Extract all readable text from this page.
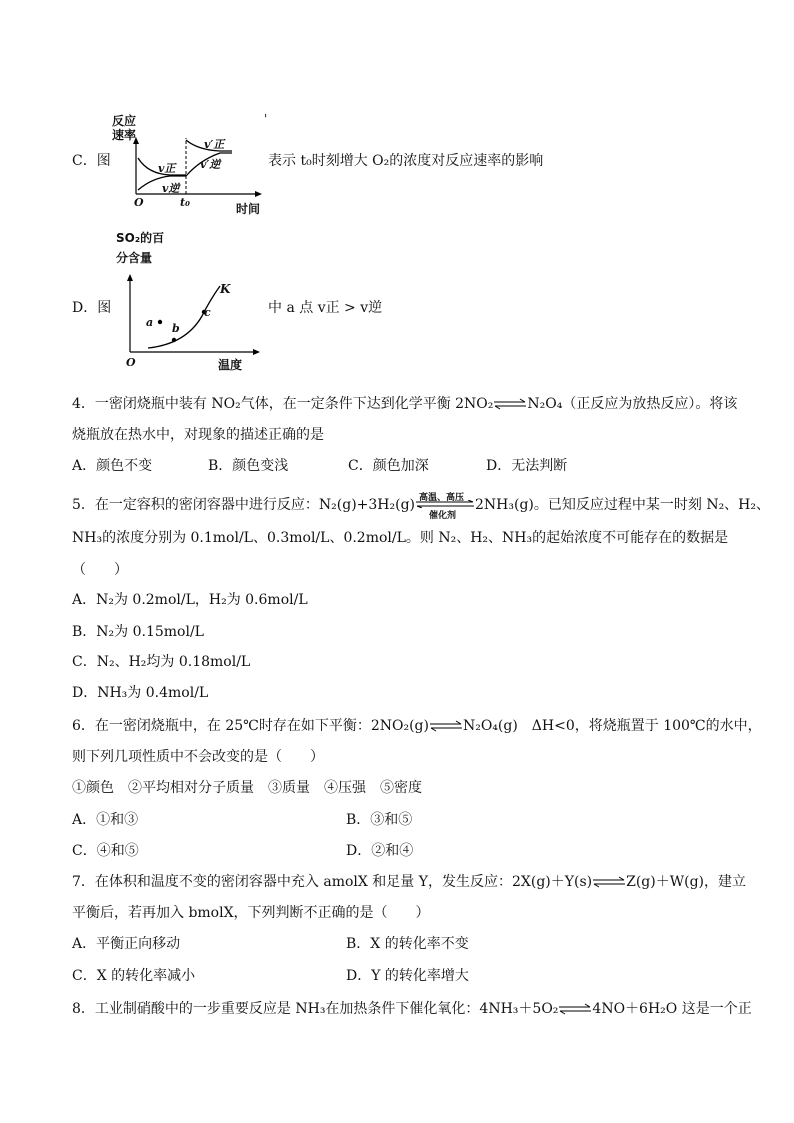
C．图
反应
速率
v正
v逆
v′正
v′逆
O	t₀	时间
'
表示 t₀时刻增大 O₂的浓度对反应速率的影响
SO₂的百
分含量
D．图
K
a b
c
O	温度
中 a 点 v正 > v逆
4．一密闭烧瓶中装有 NO₂气体，在一定条件下达到化学平衡 2NO₂⇌N₂O₄（正反应为放热反应）。将该
烧瓶放在热水中，对现象的描述正确的是
A．颜色不变	B．颜色变浅	C．颜色加深	D．无法判断
5．在一定容积的密闭容器中进行反应：N₂(g)+3H₂(g) 高温、高压
催化剂
2NH₃(g)。已知反应过程中某一时刻 N₂、H₂、
NH₃的浓度分别为 0.1mol/L、0.3mol/L、0.2mol/L。则 N₂、H₂、NH₃的起始浓度不可能存在的数据是
（　　）
A．N₂为 0.2mol/L，H₂为 0.6mol/L
B．N₂为 0.15mol/L
C．N₂、H₂均为 0.18mol/L
D．NH₃为 0.4mol/L
6．在一密闭烧瓶中，在 25℃时存在如下平衡：2NO₂(g)⇌N₂O₄(g)　ΔH<0，将烧瓶置于 100℃的水中，
则下列几项性质中不会改变的是（　　）
①颜色　②平均相对分子质量　③质量　④压强　⑤密度
A．①和③	B．③和⑤
C．④和⑤	D．②和④
7．在体积和温度不变的密闭容器中充入 amolX 和足量 Y，发生反应：2X(g)＋Y(s)⇌Z(g)＋W(g)，建立
平衡后，若再加入 bmolX，下列判断不正确的是（　　）
A．平衡正向移动	B．X 的转化率不变
C．X 的转化率减小	D．Y 的转化率增大
8．工业制硝酸中的一步重要反应是 NH₃在加热条件下催化氧化：4NH₃＋5O₂⇌4NO＋6H₂O 这是一个正
